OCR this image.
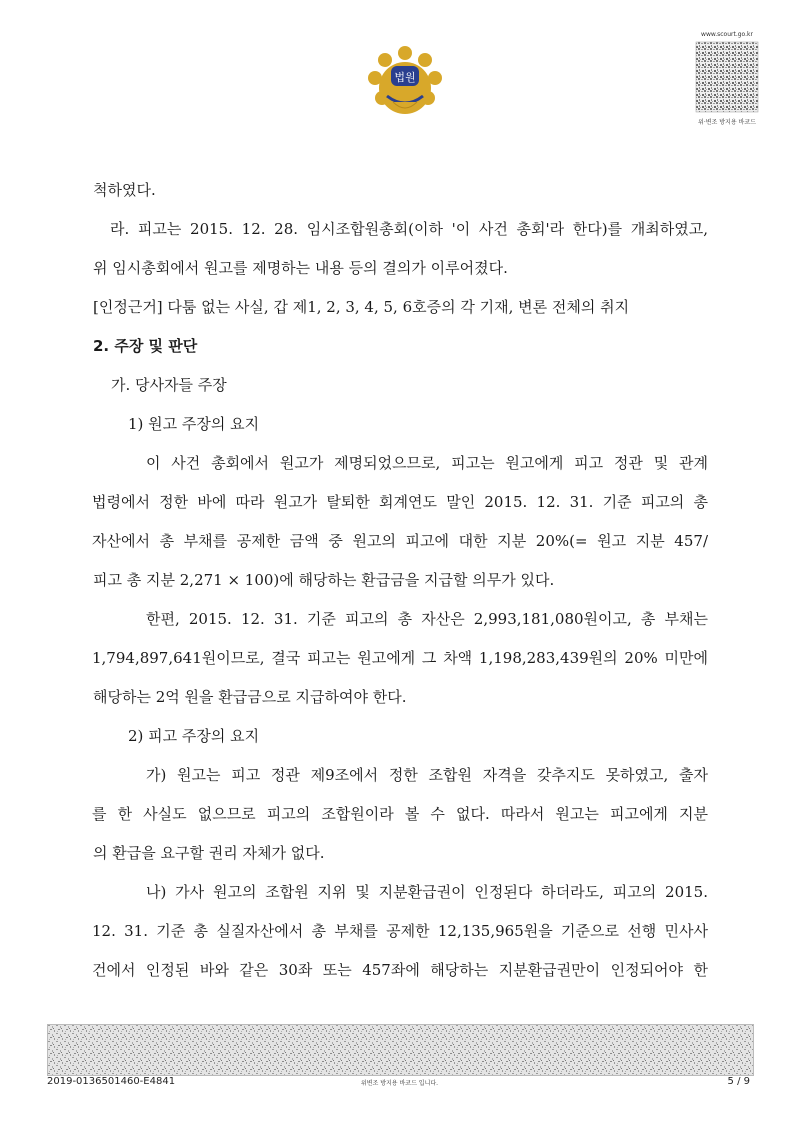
법원
www.scourt.go.kr
위·변조 방지용 바코드
척하였다.
라. 피고는 2015. 12. 28. 임시조합원총회(이하 '이 사건 총회'라 한다)를 개최하였고,
위 임시총회에서 원고를 제명하는 내용 등의 결의가 이루어졌다.
[인정근거] 다툼 없는 사실, 갑 제1, 2, 3, 4, 5, 6호증의 각 기재, 변론 전체의 취지
2. 주장 및 판단
가. 당사자들 주장
1) 원고 주장의 요지
이 사건 총회에서 원고가 제명되었으므로, 피고는 원고에게 피고 정관 및 관계
법령에서 정한 바에 따라 원고가 탈퇴한 회계연도 말인 2015. 12. 31. 기준 피고의 총
자산에서 총 부채를 공제한 금액 중 원고의 피고에 대한 지분 20%(= 원고 지분 457/
피고 총 지분 2,271 × 100)에 해당하는 환급금을 지급할 의무가 있다.
한편, 2015. 12. 31. 기준 피고의 총 자산은 2,993,181,080원이고, 총 부채는
1,794,897,641원이므로, 결국 피고는 원고에게 그 차액 1,198,283,439원의 20% 미만에
해당하는 2억 원을 환급금으로 지급하여야 한다.
2) 피고 주장의 요지
가) 원고는 피고 정관 제9조에서 정한 조합원 자격을 갖추지도 못하였고, 출자
를 한 사실도 없으므로 피고의 조합원이라 볼 수 없다. 따라서 원고는 피고에게 지분
의 환급을 요구할 권리 자체가 없다.
나) 가사 원고의 조합원 지위 및 지분환급권이 인정된다 하더라도, 피고의 2015.
12. 31. 기준 총 실질자산에서 총 부채를 공제한 12,135,965원을 기준으로 선행 민사사
건에서 인정된 바와 같은 30좌 또는 457좌에 해당하는 지분환급권만이 인정되어야 한
2019-0136501460-E4841	위변조 방지용 바코드 입니다.	5 / 9
